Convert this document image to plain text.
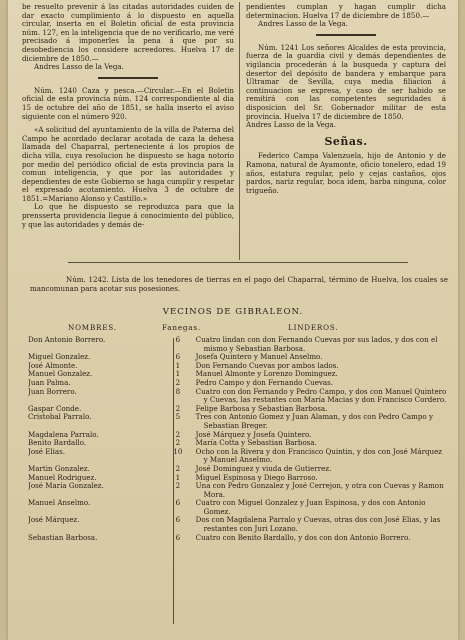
be resuelto prevenir á las citadas autoridades cuiden de dar exacto cumplimiento á lo dispuesto en aquella circular, inserta en el Boletin oficial de esta provincia núm. 127, en la inteligencia que de no verificarlo, me veré precisado á imponerles la pena á que por su desobediencia los considere acreedores. Huelva 17 de diciembre de 1850.—

Andres Lasso de la Vega.

Núm. 1240 Caza y pesca.—Circular.—En el Boletin oficial de esta provincia núm. 124 correspondiente al dia 15 de octubre del año de 1851, se halla inserto el aviso siguiente con el número 920.

«A solicitud del ayuntamiento de la villa de Paterna del Campo he acordado declarar acotada de caza la dehesa llamada del Chaparral, perteneciente á los propios de dicha villa, cuya resolucion he dispuesto se haga notorio por medio del periódico oficial de esta provincia para la comun inteligencia, y que por las autoridades y dependientes de este Gobierno se haga cumplir y respetar el expresado acotamiento. Huelva 3 de octubre de 1851.=Mariano Alonso y Castillo.»

Lo que he dispuesto se reproduzca para que la prensserta providencia llegue á conocimiento del público, y que las autoridades y demás de-

pendientes cumplan y hagan cumplir dicha determinacion. Huelva 17 de diciembre de 1850.—

Andres Lasso de la Vega.

Núm. 1241 Los señores Alcaldes de esta provincia, fuerza de la guardia civil y demás dependientes de vigilancia procederán á la busqueda y captura del desertor del depósito de bandera y embarque para Ultramar de Sevilla, cuya media filiacion á continuacion se expresa, y caso de ser habido se remitirá con las competentes seguridades á disposicion del Sr. Gobernador militar de esta provincia. Huelva 17 de diciembre de 1850.

Andres Lasso de la Vega.

Señas.

Federico Campa Valenzuela, hijo de Antonio y de Ramona, natural de Ayamonte, oficio tonelero, edad 19 años, estatura regular, pelo y cejas castaños, ojos pardos, nariz regular, boca idem, barba ninguna, color trigueño.

Núm. 1242. Lista de los tenedores de tierras en el pago del Chaparral, término de Huelva, los cuales se mancomunan para acotar sus posesiones.
VECINOS DE GIBRALEON.
NOMBRES.	Fanegas.	LINDEROS.
Don Antonio Borrero.	6	Cuatro lindan con don Fernando Cuevas por sus lados, y dos con el mismo y Sebastian Barbosa.
Miguel Gonzalez.	6	Josefa Quintero y Manuel Anselmo.
José Almonte.	1	Don Fernando Cuevas por ambos lados.
Manuel Gonzalez.	1	Manuel Almonte y Lorenzo Dominguez.
Juan Palma.	2	Pedro Campo y don Fernando Cuevas.
Juan Borrero.	8	Cuatro con don Fernando y Pedro Campo, y dos con Manuel Quintero y Cuevas, las restantes con María Macias y don Francisco Cordero.
Gaspar Conde.	2	Felipe Barbosa y Sebastian Barbosa.
Cristobal Parralo.	5	Tres con Antonio Gomez y Juan Alaman, y dos con Pedro Campo y Sebastian Breger.
Magdalena Parralo.	2	José Márquez y Josefa Quintero.
Benito Bardallo.	2	María Cotta y Sebastian Barbosa.
José Elias.	10	Ocho con la Rivera y don Francisco Quintin, y dos con José Márquez y Manuel Anselmo.
Martin Gonzalez.	2	José Dominguez y viuda de Gutierrez.
Manuel Rodriguez.	1	Miguel Espinosa y Diego Barroso.
José María Gonzalez.	2	Una con Pedro Gonzalez y José Cerrejon, y otra con Cuevas y Ramon Mora.
Manuel Anselmo.	6	Cuatro con Miguel Gonzalez y Juan Espinosa, y dos con Antonio Gomez.
José Márquez.	6	Dos con Magdalena Parralo y Cuevas, otras dos con José Elias, y las restantes con Juri Lozano.
Sebastian Barbosa.	6	Cuatro con Benito Bardallo, y dos con don Antonio Borrero.
